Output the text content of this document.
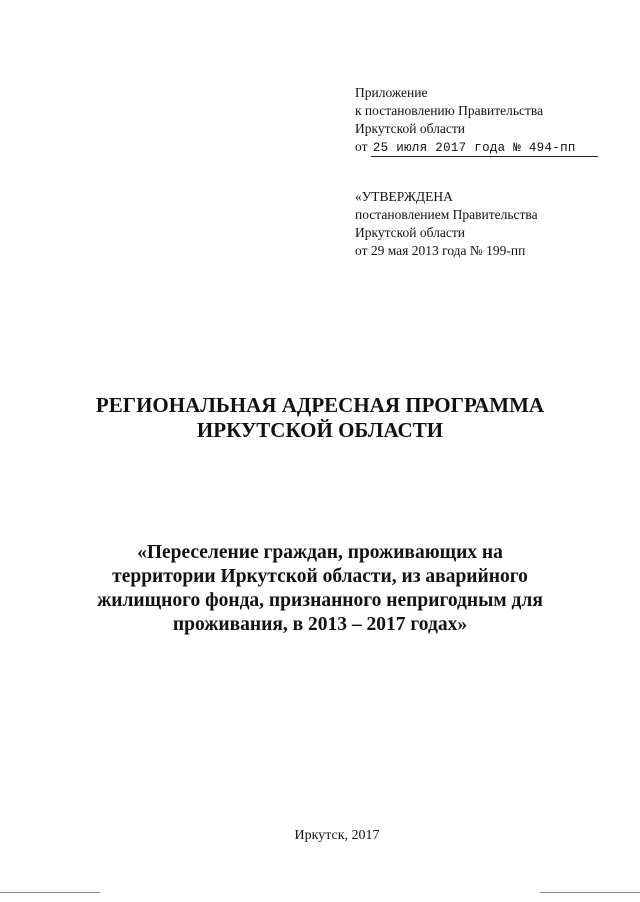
Приложение
к постановлению Правительства
Иркутской области
от 25 июля 2017 года № 494-пп
«УТВЕРЖДЕНА
постановлением Правительства
Иркутской области
от 29 мая 2013 года № 199-пп
РЕГИОНАЛЬНАЯ АДРЕСНАЯ ПРОГРАММА
ИРКУТСКОЙ ОБЛАСТИ
«Переселение граждан, проживающих на
территории Иркутской области, из аварийного
жилищного фонда, признанного непригодным для
проживания, в 2013 – 2017 годах»
Иркутск, 2017
